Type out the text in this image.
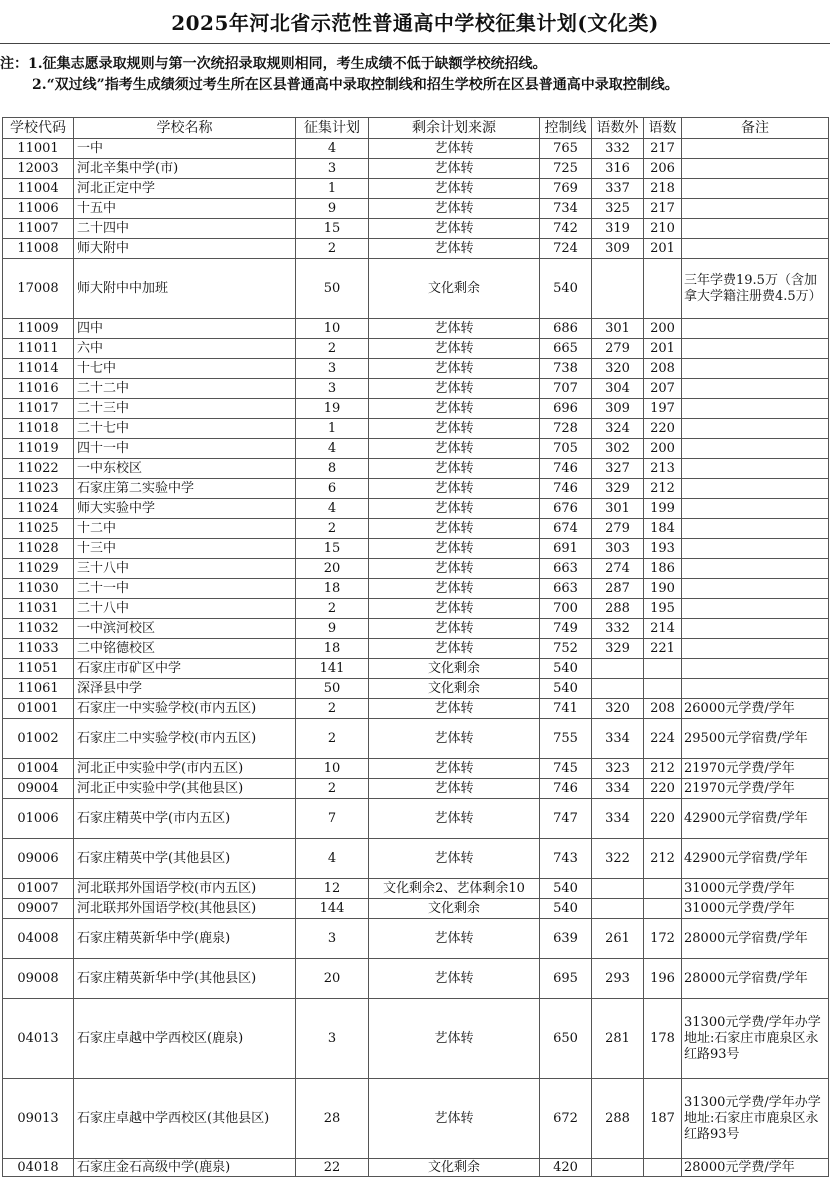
2025年河北省示范性普通高中学校征集计划(文化类)
注：1.征集志愿录取规则与第一次统招录取规则相同，考生成绩不低于缺额学校统招线。
2.“双过线”指考生成绩须过考生所在区县普通高中录取控制线和招生学校所在区县普通高中录取控制线。
学校代码	学校名称	征集计划	剩余计划来源	控制线	语数外	语数	备注
11001	一中	4	艺体转	765	332	217	
12003	河北辛集中学(市)	3	艺体转	725	316	206	
11004	河北正定中学	1	艺体转	769	337	218	
11006	十五中	9	艺体转	734	325	217	
11007	二十四中	15	艺体转	742	319	210	
11008	师大附中	2	艺体转	724	309	201	
17008	师大附中中加班	50	文化剩余	540			三年学费19.5万（含加拿大学籍注册费4.5万）
11009	四中	10	艺体转	686	301	200	
11011	六中	2	艺体转	665	279	201	
11014	十七中	3	艺体转	738	320	208	
11016	二十二中	3	艺体转	707	304	207	
11017	二十三中	19	艺体转	696	309	197	
11018	二十七中	1	艺体转	728	324	220	
11019	四十一中	4	艺体转	705	302	200	
11022	一中东校区	8	艺体转	746	327	213	
11023	石家庄第二实验中学	6	艺体转	746	329	212	
11024	师大实验中学	4	艺体转	676	301	199	
11025	十二中	2	艺体转	674	279	184	
11028	十三中	15	艺体转	691	303	193	
11029	三十八中	20	艺体转	663	274	186	
11030	二十一中	18	艺体转	663	287	190	
11031	二十八中	2	艺体转	700	288	195	
11032	一中滨河校区	9	艺体转	749	332	214	
11033	二中铭德校区	18	艺体转	752	329	221	
11051	石家庄市矿区中学	141	文化剩余	540			
11061	深泽县中学	50	文化剩余	540			
01001	石家庄一中实验学校(市内五区)	2	艺体转	741	320	208	26000元学费/学年
01002	石家庄二中实验学校(市内五区)	2	艺体转	755	334	224	29500元学宿费/学年
01004	河北正中实验中学(市内五区)	10	艺体转	745	323	212	21970元学费/学年
09004	河北正中实验中学(其他县区)	2	艺体转	746	334	220	21970元学费/学年
01006	石家庄精英中学(市内五区)	7	艺体转	747	334	220	42900元学宿费/学年
09006	石家庄精英中学(其他县区)	4	艺体转	743	322	212	42900元学宿费/学年
01007	河北联邦外国语学校(市内五区)	12	文化剩余2、艺体剩余10	540			31000元学费/学年
09007	河北联邦外国语学校(其他县区)	144	文化剩余	540			31000元学费/学年
04008	石家庄精英新华中学(鹿泉)	3	艺体转	639	261	172	28000元学宿费/学年
09008	石家庄精英新华中学(其他县区)	20	艺体转	695	293	196	28000元学宿费/学年
04013	石家庄卓越中学西校区(鹿泉)	3	艺体转	650	281	178	31300元学费/学年办学地址:石家庄市鹿泉区永红路93号
09013	石家庄卓越中学西校区(其他县区)	28	艺体转	672	288	187	31300元学费/学年办学地址:石家庄市鹿泉区永红路93号
04018	石家庄金石高级中学(鹿泉)	22	文化剩余	420			28000元学费/学年
